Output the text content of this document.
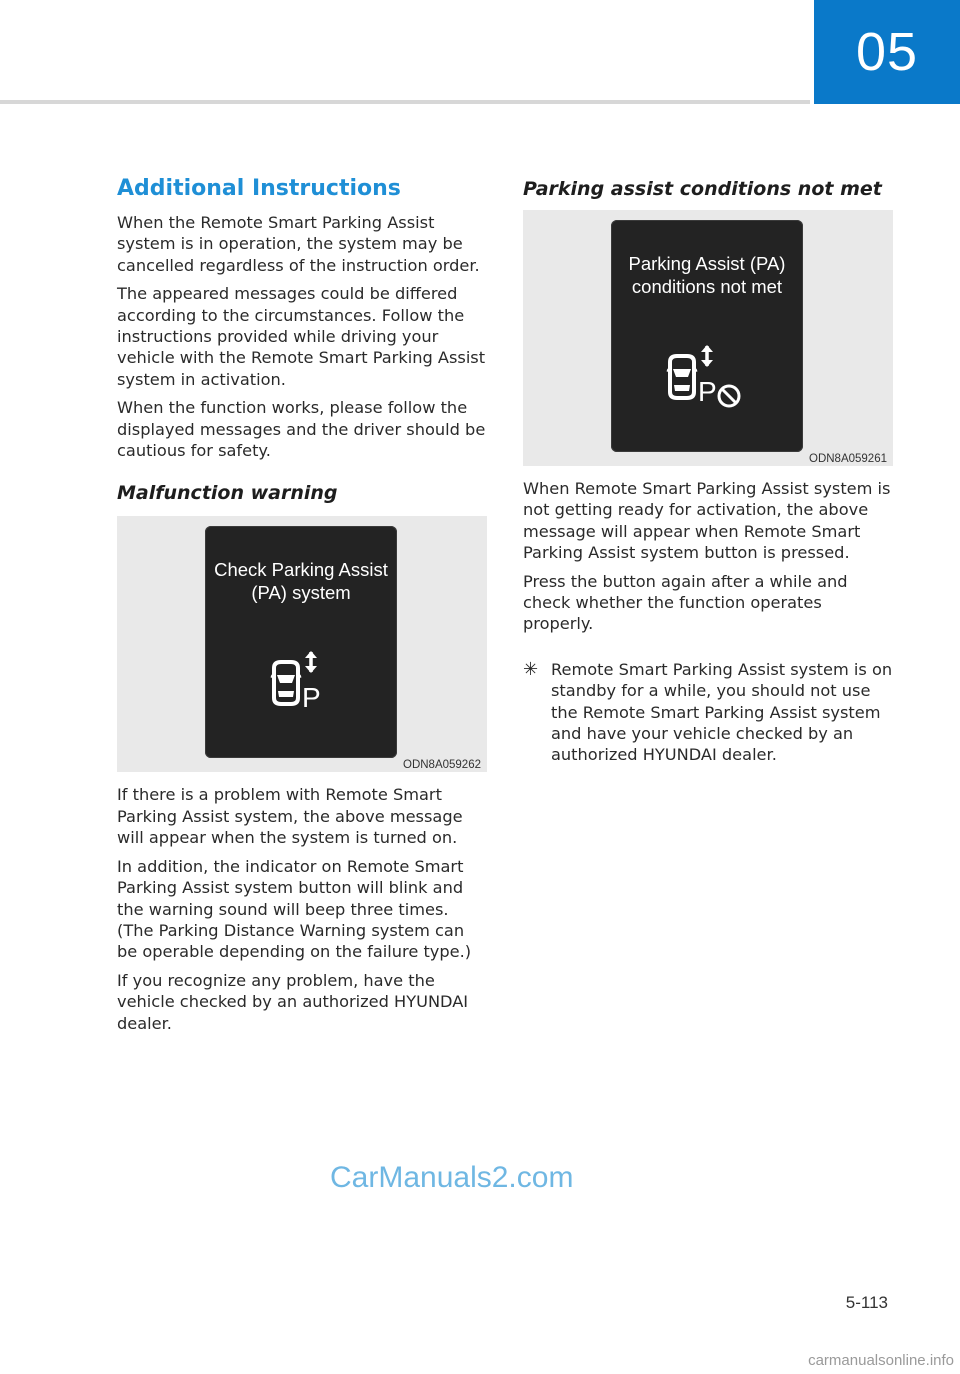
05
Additional Instructions

When the Remote Smart Parking Assist system is in operation, the system may be cancelled regardless of the instruction order.

The appeared messages could be differed according to the circumstances. Follow the instructions provided while driving your vehicle with the Remote Smart Parking Assist system in activation.

When the function works, please follow the displayed messages and the driver should be cautious for safety.

Malfunction warning
Check Parking Assist (PA) system
P
ODN8A059262

If there is a problem with Remote Smart Parking Assist system, the above message will appear when the system is turned on.

In addition, the indicator on Remote Smart Parking Assist system button will blink and the warning sound will beep three times. (The Parking Distance Warning system can be operable depending on the failure type.)

If you recognize any problem, have the vehicle checked by an authorized HYUNDAI dealer.

Parking assist conditions not met
Parking Assist (PA) conditions not met
P
ODN8A059261

When Remote Smart Parking Assist system is not getting ready for activation, the above message will appear when Remote Smart Parking Assist system button is pressed.

Press the button again after a while and check whether the function operates properly.

✳ Remote Smart Parking Assist system is on standby for a while, you should not use the Remote Smart Parking Assist system and have your vehicle checked by an authorized HYUNDAI dealer.
CarManuals2.com
5-113
carmanualsonline.info
